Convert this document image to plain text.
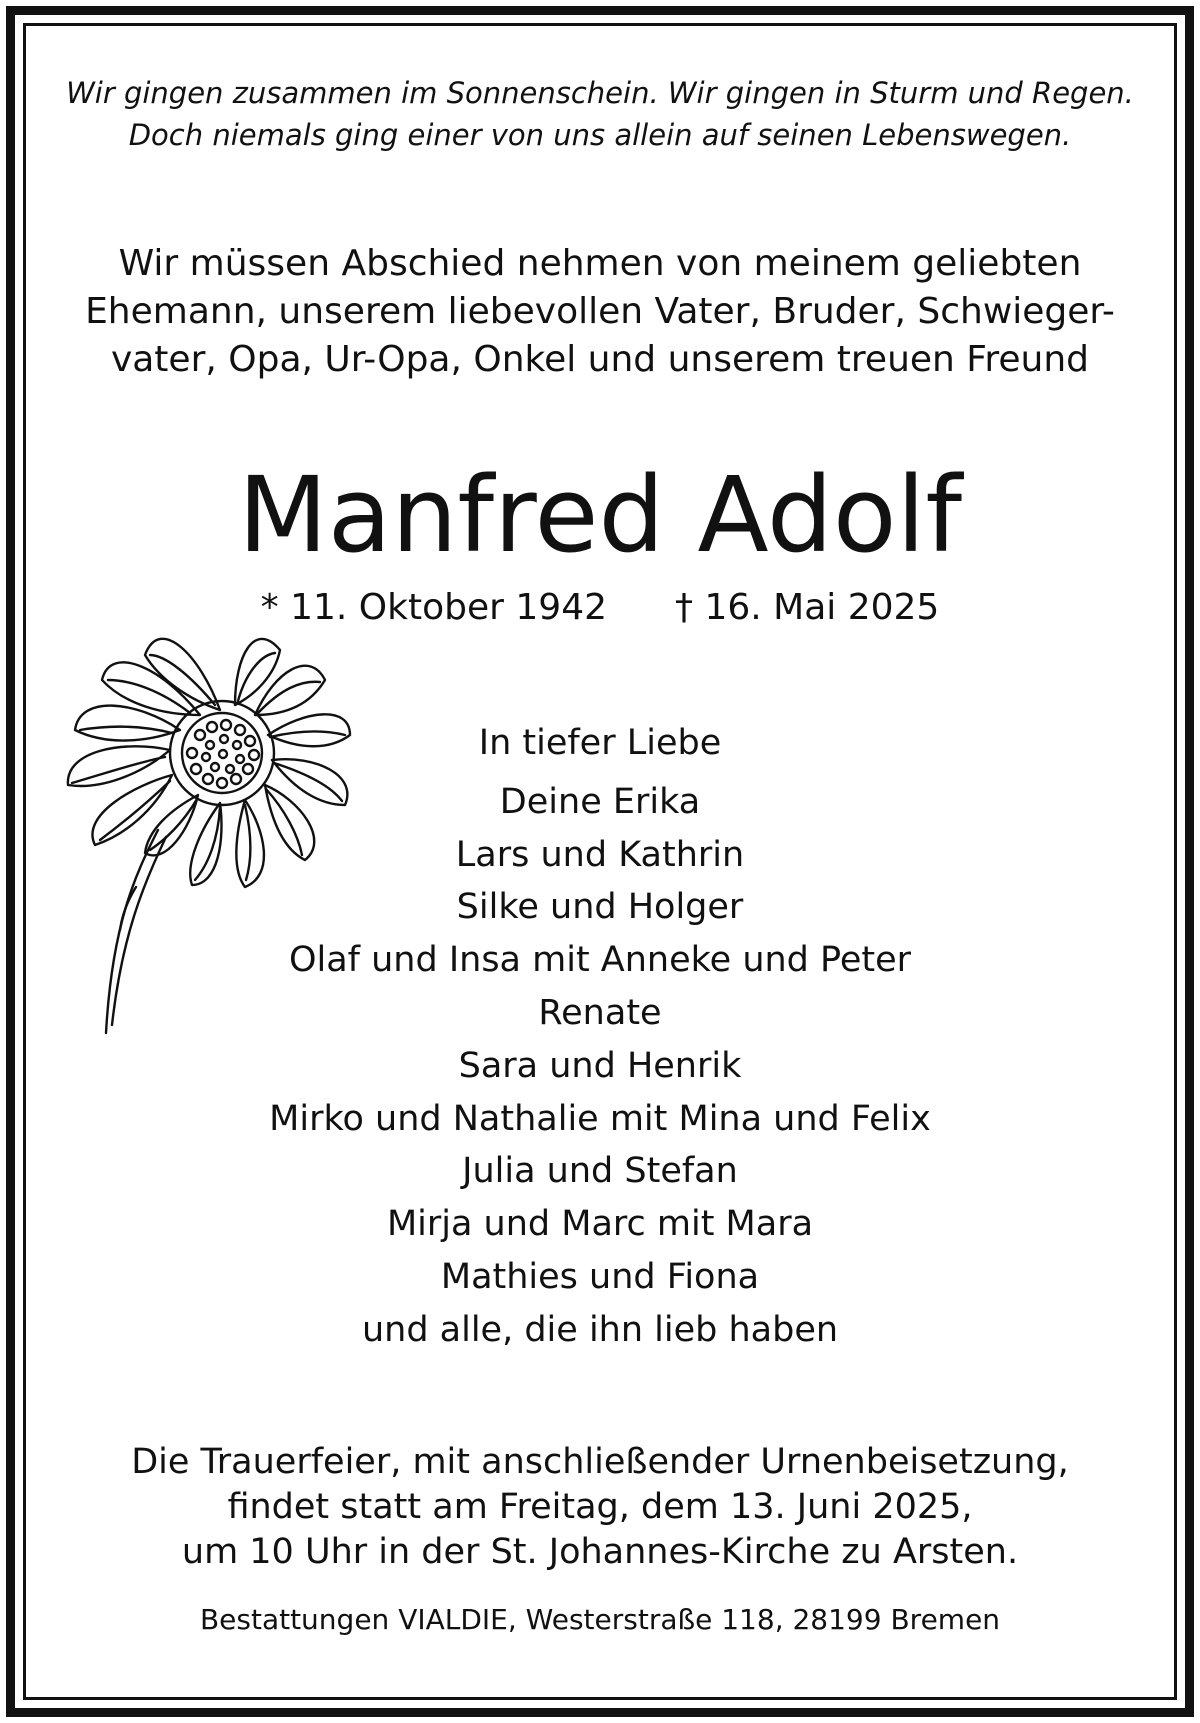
Wir gingen zusammen im Sonnenschein. Wir gingen in Sturm und Regen.
Doch niemals ging einer von uns allein auf seinen Lebenswegen.
Wir müssen Abschied nehmen von meinem geliebten
Ehemann, unserem liebevollen Vater, Bruder, Schwieger-
vater, Opa, Ur-Opa, Onkel und unserem treuen Freund
Manfred Adolf
* 11. Oktober 1942 † 16. Mai 2025
In tiefer Liebe
Deine Erika
Lars und Kathrin
Silke und Holger
Olaf und Insa mit Anneke und Peter
Renate
Sara und Henrik
Mirko und Nathalie mit Mina und Felix
Julia und Stefan
Mirja und Marc mit Mara
Mathies und Fiona
und alle, die ihn lieb haben
Die Trauerfeier, mit anschließender Urnenbeisetzung,
findet statt am Freitag, dem 13. Juni 2025,
um 10 Uhr in der St. Johannes-Kirche zu Arsten.
Bestattungen VIALDIE, Westerstraße 118, 28199 Bremen
